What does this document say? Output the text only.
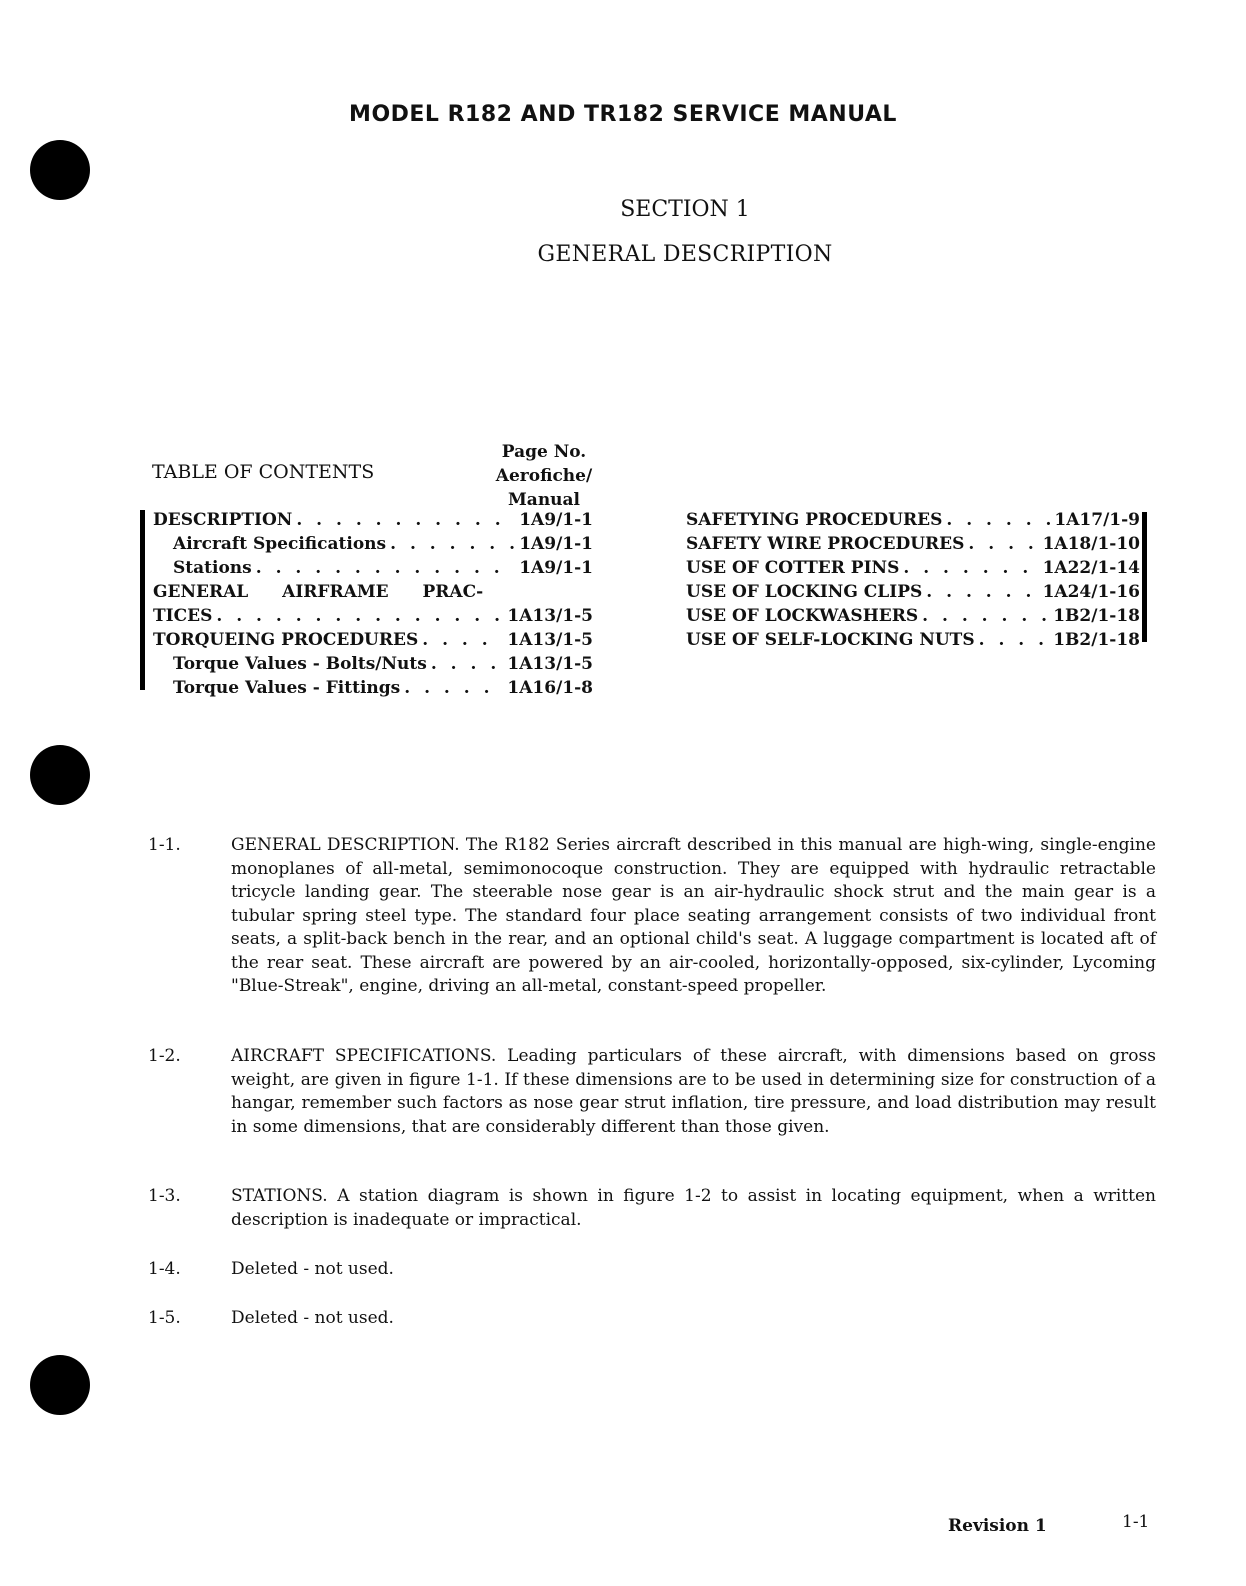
MODEL R182 AND TR182 SERVICE MANUAL
SECTION 1
GENERAL DESCRIPTION
TABLE OF CONTENTS
Page No.
Aerofiche/
Manual
DESCRIPTION . . .	1A9/1-1
Aircraft Specifications . . .	1A9/1-1
Stations . . .	1A9/1-1
GENERAL AIRFRAME PRAC-
TICES . . .	1A13/1-5
TORQUEING PROCEDURES . . .	1A13/1-5
Torque Values - Bolts/Nuts . . .	1A13/1-5
Torque Values - Fittings . . .	1A16/1-8
SAFETYING PROCEDURES . . .	1A17/1-9
SAFETY WIRE PROCEDURES . . .	1A18/1-10
USE OF COTTER PINS . . .	1A22/1-14
USE OF LOCKING CLIPS . . .	1A24/1-16
USE OF LOCKWASHERS . . .	1B2/1-18
USE OF SELF-LOCKING NUTS . . .	1B2/1-18
1-1.	GENERAL DESCRIPTION. The R182 Series aircraft described in this manual are high-wing, single-engine monoplanes of all-metal, semimonocoque construction. They are equipped with hydraulic retractable tricycle landing gear. The steerable nose gear is an air-hydraulic shock strut and the main gear is a tubular spring steel type. The standard four place seating arrangement consists of two individual front seats, a split-back bench in the rear, and an optional child's seat. A luggage compartment is located aft of the rear seat. These aircraft are powered by an air-cooled, horizontally-opposed, six-cylinder, Lycoming "Blue-Streak", engine, driving an all-metal, constant-speed propeller.
1-2.	AIRCRAFT SPECIFICATIONS. Leading particulars of these aircraft, with dimensions based on gross weight, are given in figure 1-1. If these dimensions are to be used in determining size for construction of a hangar, remember such factors as nose gear strut inflation, tire pressure, and load distribution may result in some dimensions, that are considerably different than those given.
1-3.	STATIONS. A station diagram is shown in figure 1-2 to assist in locating equipment, when a written description is inadequate or impractical.
1-4.	Deleted - not used.
1-5.	Deleted - not used.
Revision 1	1-1
